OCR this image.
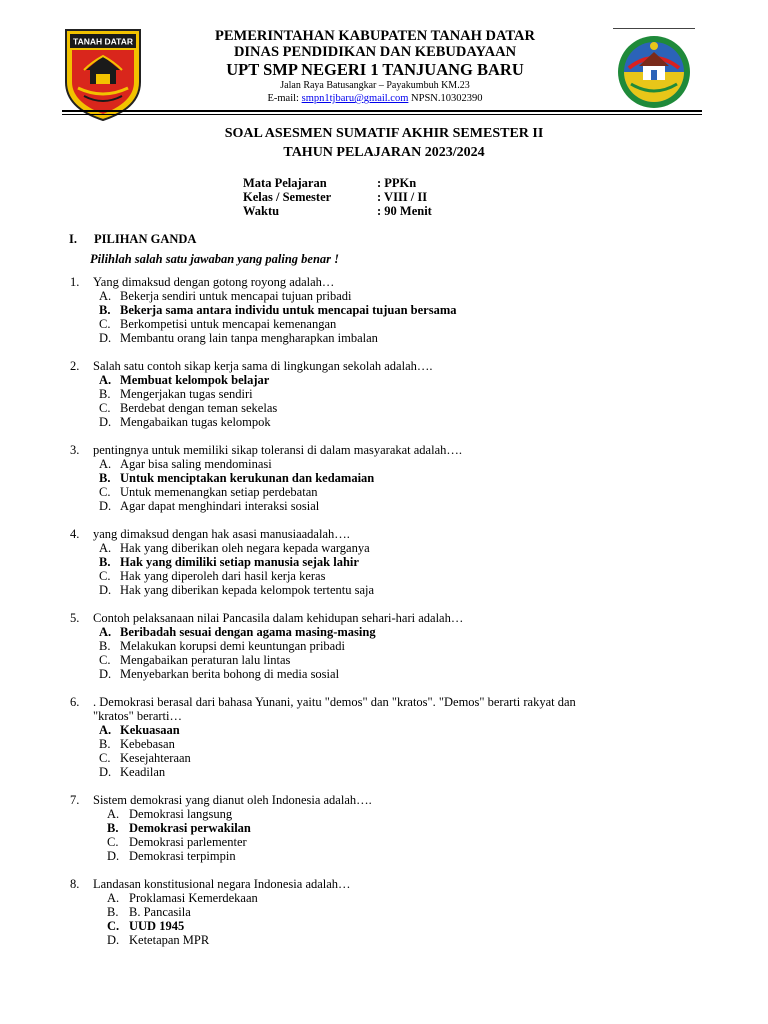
TANAH DATAR	PEMERINTAHAN KABUPATEN TANAH DATAR
DINAS PENDIDIKAN DAN KEBUDAYAAN
UPT SMP NEGERI 1 TANJUANG BARU
Jalan Raya Batusangkar – Payakumbuh KM.23
E-mail: smpn1tjbaru@gmail.com NPSN.10302390
SOAL ASESMEN SUMATIF AKHIR SEMESTER II
TAHUN PELAJARAN 2023/2024
Mata Pelajaran	: PPKn
Kelas / Semester	: VIII / II
Waktu	: 90 Menit
I. PILIHAN GANDA
Pilihlah salah satu jawaban yang paling benar !
1.	Yang dimaksud dengan gotong royong adalah…
A. Bekerja sendiri untuk mencapai tujuan pribadi
B. Bekerja sama antara individu untuk mencapai tujuan bersama
C. Berkompetisi untuk mencapai kemenangan
D. Membantu orang lain tanpa mengharapkan imbalan
2.	Salah satu contoh sikap kerja sama di lingkungan sekolah adalah….
A. Membuat kelompok belajar
B. Mengerjakan tugas sendiri
C. Berdebat dengan teman sekelas
D. Mengabaikan tugas kelompok
3.	pentingnya untuk memiliki sikap toleransi di dalam masyarakat adalah….
A. Agar bisa saling mendominasi
B. Untuk menciptakan kerukunan dan kedamaian
C. Untuk memenangkan setiap perdebatan
D. Agar dapat menghindari interaksi sosial
4.	yang dimaksud dengan hak asasi manusiaadalah….
A. Hak yang diberikan oleh negara kepada warganya
B. Hak yang dimiliki setiap manusia sejak lahir
C. Hak yang diperoleh dari hasil kerja keras
D. Hak yang diberikan kepada kelompok tertentu saja
5.	Contoh pelaksanaan nilai Pancasila dalam kehidupan sehari-hari adalah…
A. Beribadah sesuai dengan agama masing-masing
B. Melakukan korupsi demi keuntungan pribadi
C. Mengabaikan peraturan lalu lintas
D. Menyebarkan berita bohong di media sosial
6.	. Demokrasi berasal dari bahasa Yunani, yaitu "demos" dan "kratos". "Demos" berarti rakyat dan
"kratos" berarti…
A. Kekuasaan
B. Kebebasan
C. Kesejahteraan
D. Keadilan
7.	Sistem demokrasi yang dianut oleh Indonesia adalah….
A. Demokrasi langsung
B. Demokrasi perwakilan
C. Demokrasi parlementer
D. Demokrasi terpimpin
8.	Landasan konstitusional negara Indonesia adalah…
A. Proklamasi Kemerdekaan
B. B. Pancasila
C. UUD 1945
D. Ketetapan MPR
